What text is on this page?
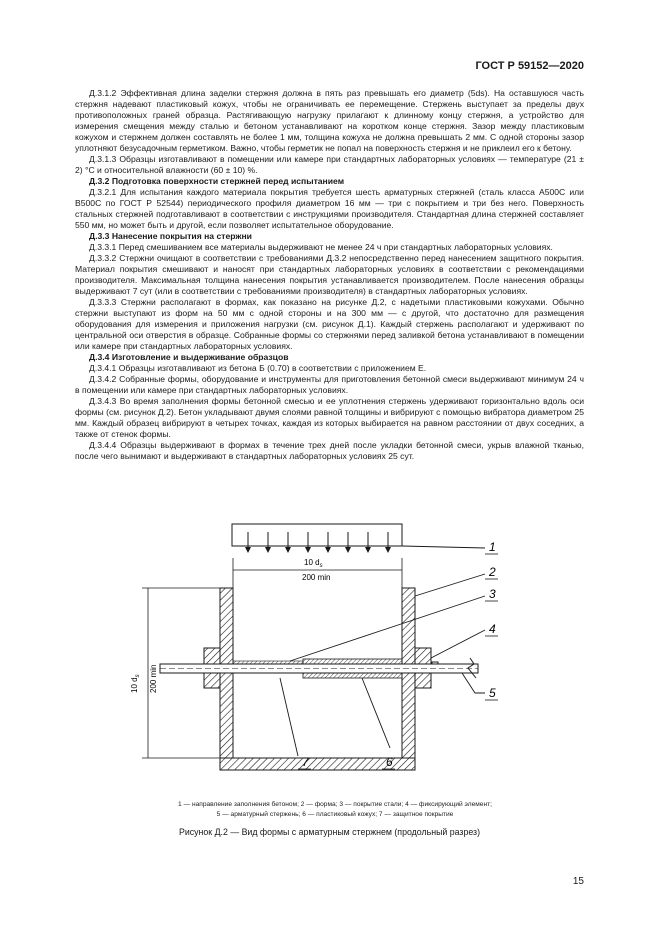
ГОСТ Р 59152—2020

Д.3.1.2 Эффективная длина заделки стержня должна в пять раз превышать его диаметр (5ds). На оставшуюся часть стержня надевают пластиковый кожух, чтобы не ограничивать ее перемещение. Стержень выступает за пределы двух противоположных граней образца. Растягивающую нагрузку прилагают к длинному концу стержня, а устройство для измерения смещения между сталью и бетоном устанавливают на коротком конце стержня. Зазор между пластиковым кожухом и стержнем должен составлять не более 1 мм, толщина кожуха не должна превышать 2 мм. С одной стороны зазор уплотняют безусадочным герметиком. Важно, чтобы герметик не попал на поверхность стержня и не приклеил его к бетону.

Д.3.1.3 Образцы изготавливают в помещении или камере при стандартных лабораторных условиях — температуре (21 ± 2) °С и относительной влажности (60 ± 10) %.

Д.3.2 Подготовка поверхности стержней перед испытанием

Д.3.2.1 Для испытания каждого материала покрытия требуется шесть арматурных стержней (сталь класса А500С или В500С по ГОСТ Р 52544) периодического профиля диаметром 16 мм — три с покрытием и три без него. Поверхность стальных стержней подготавливают в соответствии с инструкциями производителя. Стандартная длина стержней составляет 550 мм, но может быть и другой, если позволяет испытательное оборудование.

Д.3.3 Нанесение покрытия на стержни

Д.3.3.1 Перед смешиванием все материалы выдерживают не менее 24 ч при стандартных лабораторных условиях.

Д.3.3.2 Стержни очищают в соответствии с требованиями Д.3.2 непосредственно перед нанесением защитного покрытия. Материал покрытия смешивают и наносят при стандартных лабораторных условиях в соответствии с рекомендациями производителя. Максимальная толщина нанесения покрытия устанавливается производителем. После нанесения образцы выдерживают 7 сут (или в соответствии с требованиями производителя) в стандартных лабораторных условиях.

Д.3.3.3 Стержни располагают в формах, как показано на рисунке Д.2, с надетыми пластиковыми кожухами. Обычно стержни выступают из форм на 50 мм с одной стороны и на 300 мм — с другой, что достаточно для размещения оборудования для измерения и приложения нагрузки (см. рисунок Д.1). Каждый стержень располагают и удерживают по центральной оси отверстия в образце. Собранные формы со стержнями перед заливкой бетона устанавливают в помещении или камере при стандартных лабораторных условиях.

Д.3.4 Изготовление и выдерживание образцов

Д.3.4.1 Образцы изготавливают из бетона Б (0.70) в соответствии с приложением Е.

Д.3.4.2 Собранные формы, оборудование и инструменты для приготовления бетонной смеси выдерживают минимум 24 ч в помещении или камере при стандартных лабораторных условиях.

Д.3.4.3 Во время заполнения формы бетонной смесью и ее уплотнения стержень удерживают горизонтально вдоль оси формы (см. рисунок Д.2). Бетон укладывают двумя слоями равной толщины и вибрируют с помощью вибратора диаметром 25 мм. Каждый образец вибрируют в четырех точках, каждая из которых выбирается на равном расстоянии от двух соседних, а также от стенок формы.

Д.3.4.4 Образцы выдерживают в формах в течение трех дней после укладки бетонной смеси, укрыв влажной тканью, после чего вынимают и выдерживают в стандартных лабораторных условиях 25 сут.

10 $d_s$
200 min
10 $d_s$ 200 min
1
2
3
4
5
6
7
1 — направление заполнения бетоном; 2 — форма; 3 — покрытие стали; 4 — фиксирующий элемент;
5 — арматурный стержень; 6 — пластиковый кожух; 7 — защитное покрытие
Рисунок Д.2 — Вид формы с арматурным стержнем (продольный разрез)
15
